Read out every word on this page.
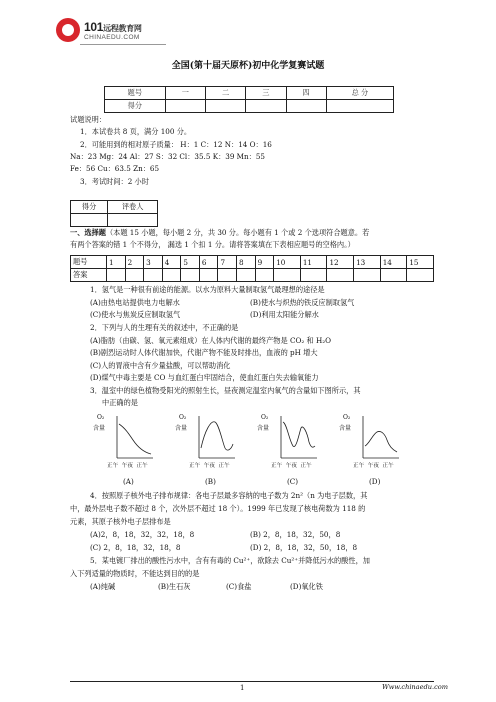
101远程教育网
CHINAEDU.COM
全国(第十届天原杯)初中化学复赛试题
题号	一	二	三	四	总 分
得分					
试题说明：
1．本试卷共 8 页，满分 100 分。
2．可能用到的相对原子质量： H：1 C：12 N：14 O：16
Na：23 Mg：24 Al：27 S：32 Cl：35.5 K：39 Mn：55
Fe：56 Cu：63.5 Zn：65
3．考试时间：2 小时
得分	评卷人

一、选择题（本题 15 小题，每小题 2 分，共 30 分。每小题有 1 个或 2 个选项符合题意。若
有两个答案的错 1 个不得分， 漏选 1 个扣 1 分。请将答案填在下表相应题号的空格内。）
题号	1	2	3	4	5	6	7	8	9	10	11	12	13	14	15
答案															
1．氢气是一种很有前途的能源。以水为原料大量制取氢气最理想的途径是
(A)由热电站提供电力电解水	(B)使水与炽热的铁反应制取氢气
(C)使水与焦炭反应制取氢气	(D)利用太阳能分解水
2．下列与人的生理有关的叙述中，不正确的是
(A)脂肪（由碳、氢、氧元素组成）在人体内代谢的最终产物是 CO₂ 和 H₂O
(B)剧烈运动时人体代谢加快，代谢产物不能及时排出，血液的 pH 增大
(C)人的胃液中含有少量盐酸，可以帮助消化
(D)煤气中毒主要是 CO 与血红蛋白牢固结合，使血红蛋白失去输氧能力
3．温室中的绿色植物受阳光的照射生长，昼夜测定温室内氧气的含量如下图所示，其
中正确的是
O₂
含量
O₂
含量
O₂
含量
O₂
含量
正午  午夜  正午	正午  午夜  正午	正午  午夜  正午	正午  午夜  正午
(A)	(B)	(C)	(D)
4．按照原子核外电子排布规律：各电子层最多容纳的电子数为 2n²（n 为电子层数，其
中，最外层电子数不超过 8 个，次外层不超过 18 个）。1999 年已发现了核电荷数为 118 的
元素，其原子核外电子层排布是
(A)2，8，18，32，32，18，8	(B) 2，8，18，32，50，8
(C) 2，8，18，32，18，8	(D) 2，8，18，32，50，18，8
5．某电镀厂排出的酸性污水中，含有有毒的 Cu²⁺，欲除去 Cu²⁺并降低污水的酸性，加
入下列适量的物质时，不能达到目的的是
(A)纯碱	(B)生石灰	(C)食盐	(D)氧化铁
1	Www.chinaedu.com
